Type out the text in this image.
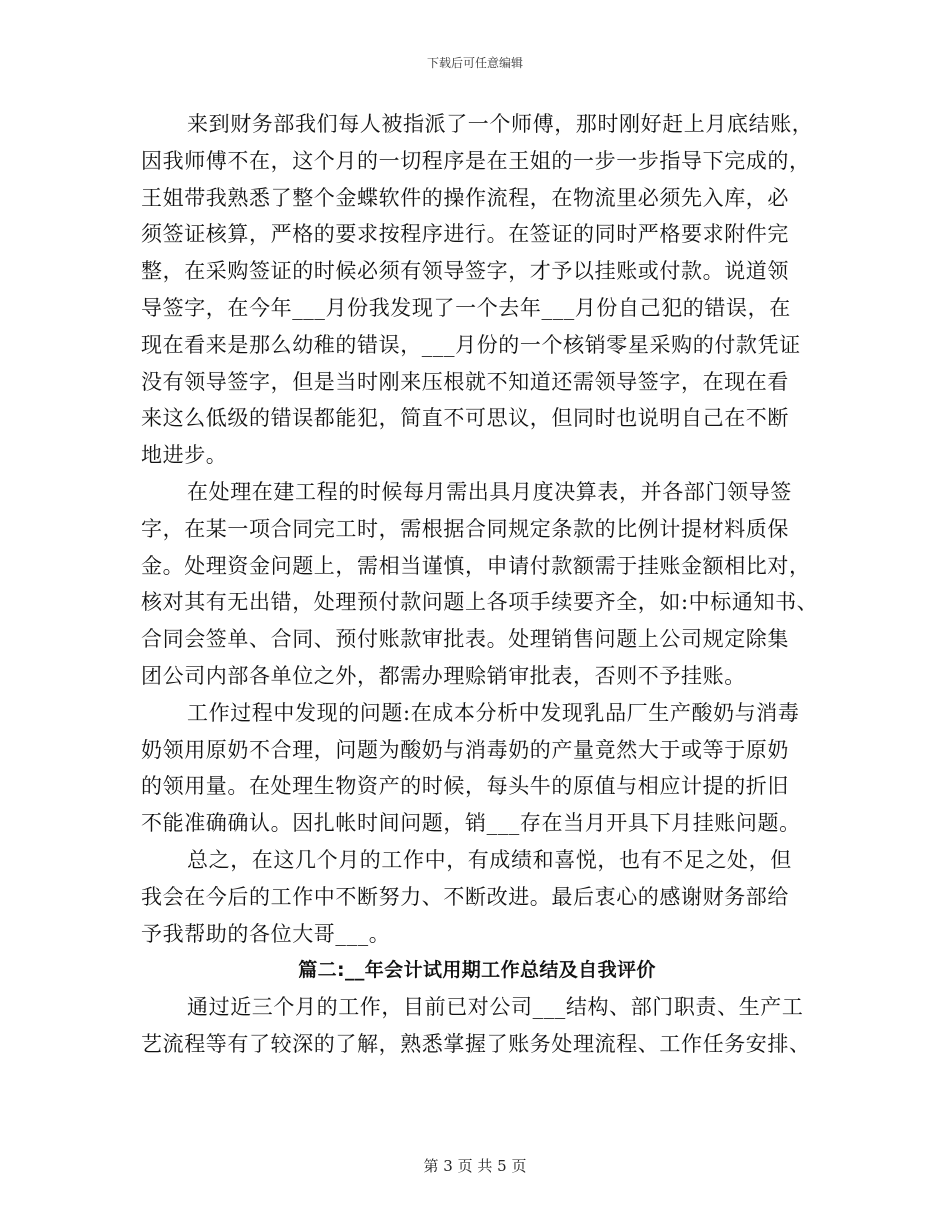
下载后可任意编辑
来到财务部我们每人被指派了一个师傅，那时刚好赶上月底结账，
因我师傅不在，这个月的一切程序是在王姐的一步一步指导下完成的，
王姐带我熟悉了整个金蝶软件的操作流程，在物流里必须先入库，必
须签证核算，严格的要求按程序进行。在签证的同时严格要求附件完
整，在采购签证的时候必须有领导签字，才予以挂账或付款。说道领
导签字，在今年___月份我发现了一个去年___月份自己犯的错误，在
现在看来是那么幼稚的错误，___月份的一个核销零星采购的付款凭证
没有领导签字，但是当时刚来压根就不知道还需领导签字，在现在看
来这么低级的错误都能犯，简直不可思议，但同时也说明自己在不断
地进步。
在处理在建工程的时候每月需出具月度决算表，并各部门领导签
字，在某一项合同完工时，需根据合同规定条款的比例计提材料质保
金。处理资金问题上，需相当谨慎，申请付款额需于挂账金额相比对，
核对其有无出错，处理预付款问题上各项手续要齐全，如:中标通知书、
合同会签单、合同、预付账款审批表。处理销售问题上公司规定除集
团公司内部各单位之外，都需办理赊销审批表，否则不予挂账。
工作过程中发现的问题:在成本分析中发现乳品厂生产酸奶与消毒
奶领用原奶不合理，问题为酸奶与消毒奶的产量竟然大于或等于原奶
的领用量。在处理生物资产的时候，每头牛的原值与相应计提的折旧
不能准确确认。因扎帐时间问题，销___存在当月开具下月挂账问题。
总之，在这几个月的工作中，有成绩和喜悦，也有不足之处，但
我会在今后的工作中不断努力、不断改进。最后衷心的感谢财务部给
予我帮助的各位大哥___。
篇二:__年会计试用期工作总结及自我评价
通过近三个月的工作，目前已对公司___结构、部门职责、生产工
艺流程等有了较深的了解，熟悉掌握了账务处理流程、工作任务安排、
第 3 页 共 5 页
